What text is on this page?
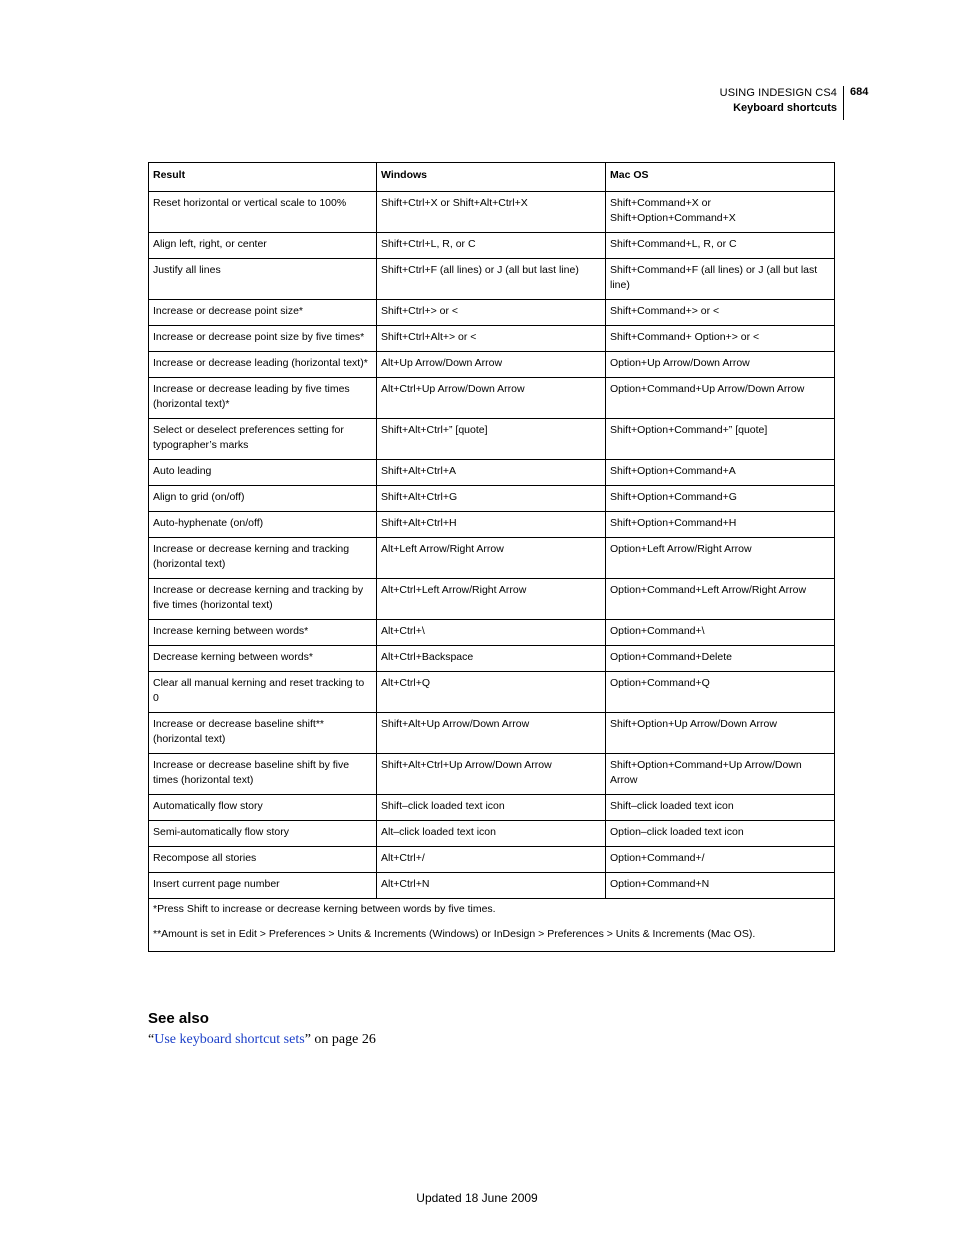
USING INDESIGN CS4
Keyboard shortcuts
684
Result	Windows	Mac OS
Reset horizontal or vertical scale to 100%	Shift+Ctrl+X or Shift+Alt+Ctrl+X	Shift+Command+X or Shift+Option+Command+X
Align left, right, or center	Shift+Ctrl+L, R, or C	Shift+Command+L, R, or C
Justify all lines	Shift+Ctrl+F (all lines) or J (all but last line)	Shift+Command+F (all lines) or J (all but last line)
Increase or decrease point size*	Shift+Ctrl+> or <	Shift+Command+> or <
Increase or decrease point size by five times*	Shift+Ctrl+Alt+> or <	Shift+Command+ Option+> or <
Increase or decrease leading (horizontal text)*	Alt+Up Arrow/Down Arrow	Option+Up Arrow/Down Arrow
Increase or decrease leading by five times (horizontal text)*	Alt+Ctrl+Up Arrow/Down Arrow	Option+Command+Up Arrow/Down Arrow
Select or deselect preferences setting for typographer’s marks	Shift+Alt+Ctrl+” [quote]	Shift+Option+Command+” [quote]
Auto leading	Shift+Alt+Ctrl+A	Shift+Option+Command+A
Align to grid (on/off)	Shift+Alt+Ctrl+G	Shift+Option+Command+G
Auto-hyphenate (on/off)	Shift+Alt+Ctrl+H	Shift+Option+Command+H
Increase or decrease kerning and tracking (horizontal text)	Alt+Left Arrow/Right Arrow	Option+Left Arrow/Right Arrow
Increase or decrease kerning and tracking by five times (horizontal text)	Alt+Ctrl+Left Arrow/Right Arrow	Option+Command+Left Arrow/Right Arrow
Increase kerning between words*	Alt+Ctrl+\	Option+Command+\
Decrease kerning between words*	Alt+Ctrl+Backspace	Option+Command+Delete
Clear all manual kerning and reset tracking to 0	Alt+Ctrl+Q	Option+Command+Q
Increase or decrease baseline shift** (horizontal text)	Shift+Alt+Up Arrow/Down Arrow	Shift+Option+Up Arrow/Down Arrow
Increase or decrease baseline shift by five times (horizontal text)	Shift+Alt+Ctrl+Up Arrow/Down Arrow	Shift+Option+Command+Up Arrow/Down Arrow
Automatically flow story	Shift–click loaded text icon	Shift–click loaded text icon
Semi-automatically flow story	Alt–click loaded text icon	Option–click loaded text icon
Recompose all stories	Alt+Ctrl+/	Option+Command+/
Insert current page number	Alt+Ctrl+N	Option+Command+N

*Press Shift to increase or decrease kerning between words by five times.

**Amount is set in Edit > Preferences > Units & Increments (Windows) or InDesign > Preferences > Units & Increments (Mac OS).		

See also
“Use keyboard shortcut sets” on page 26
Updated 18 June 2009
